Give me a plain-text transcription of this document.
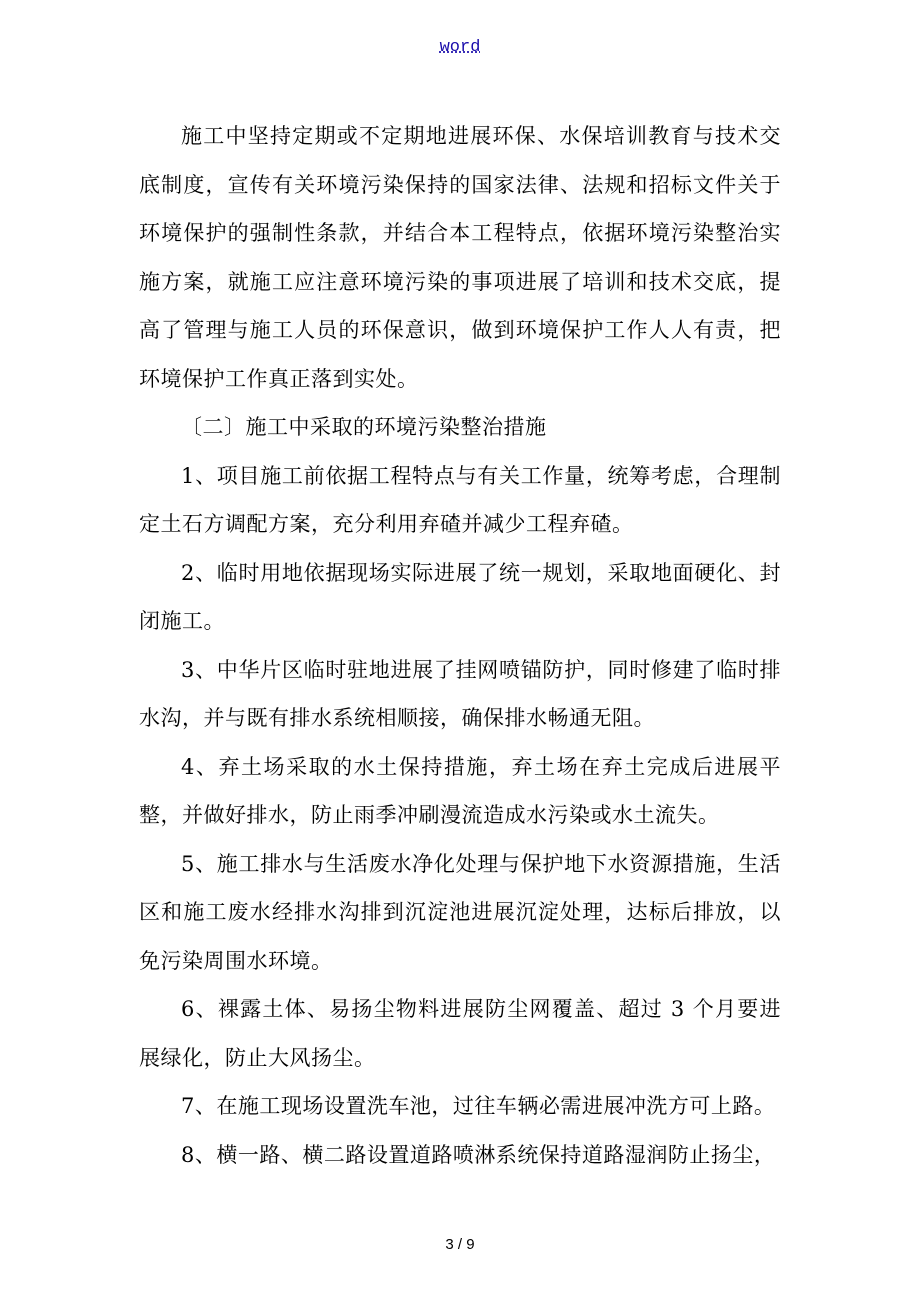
word

施工中坚持定期或不定期地进展环保、水保培训教育与技术交底制度，宣传有关环境污染保持的国家法律、法规和招标文件关于环境保护的强制性条款，并结合本工程特点，依据环境污染整治实施方案，就施工应注意环境污染的事项进展了培训和技术交底，提高了管理与施工人员的环保意识，做到环境保护工作人人有责，把环境保护工作真正落到实处。

〔二〕施工中采取的环境污染整治措施

1、项目施工前依据工程特点与有关工作量，统筹考虑，合理制定土石方调配方案，充分利用弃碴并减少工程弃碴。

2、临时用地依据现场实际进展了统一规划，采取地面硬化、封闭施工。

3、中华片区临时驻地进展了挂网喷锚防护，同时修建了临时排水沟，并与既有排水系统相顺接，确保排水畅通无阻。

4、弃土场采取的水土保持措施，弃土场在弃土完成后进展平整，并做好排水，防止雨季冲刷漫流造成水污染或水土流失。

5、施工排水与生活废水净化处理与保护地下水资源措施，生活区和施工废水经排水沟排到沉淀池进展沉淀处理，达标后排放，以免污染周围水环境。

6、裸露土体、易扬尘物料进展防尘网覆盖、超过 3 个月要进展绿化，防止大风扬尘。

7、在施工现场设置洗车池，过往车辆必需进展冲洗方可上路。

8、横一路、横二路设置道路喷淋系统保持道路湿润防止扬尘，

3 / 9
